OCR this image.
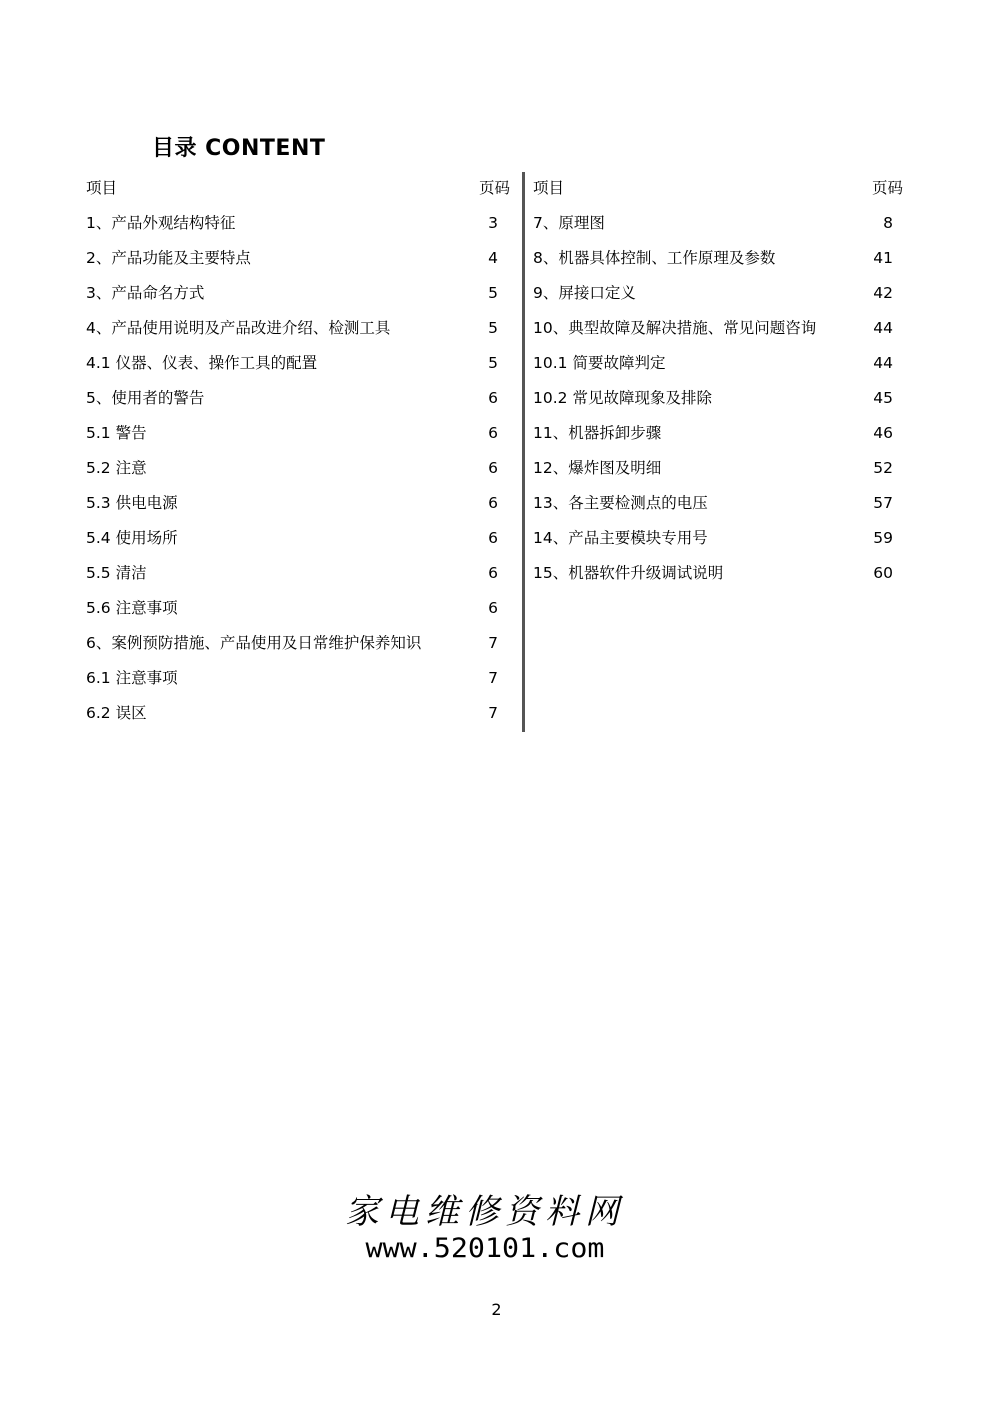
目录 CONTENT
项目	页码
1、产品外观结构特征	3
2、产品功能及主要特点	4
3、产品命名方式	5
4、产品使用说明及产品改进介绍、检测工具	5
4.1 仪器、仪表、操作工具的配置	5
5、使用者的警告	6
5.1 警告	6
5.2 注意	6
5.3 供电电源	6
5.4 使用场所	6
5.5 清洁	6
5.6 注意事项	6
6、案例预防措施、产品使用及日常维护保养知识	7
6.1 注意事项	7
6.2 误区	7
项目	页码
7、原理图	8
8、机器具体控制、工作原理及参数	41
9、屏接口定义	42
10、典型故障及解决措施、常见问题咨询	44
10.1 简要故障判定	44
10.2 常见故障现象及排除	45
11、机器拆卸步骤	46
12、爆炸图及明细	52
13、各主要检测点的电压	57
14、产品主要模块专用号	59
15、机器软件升级调试说明	60
家电维修资料网
www.520101.com
2
